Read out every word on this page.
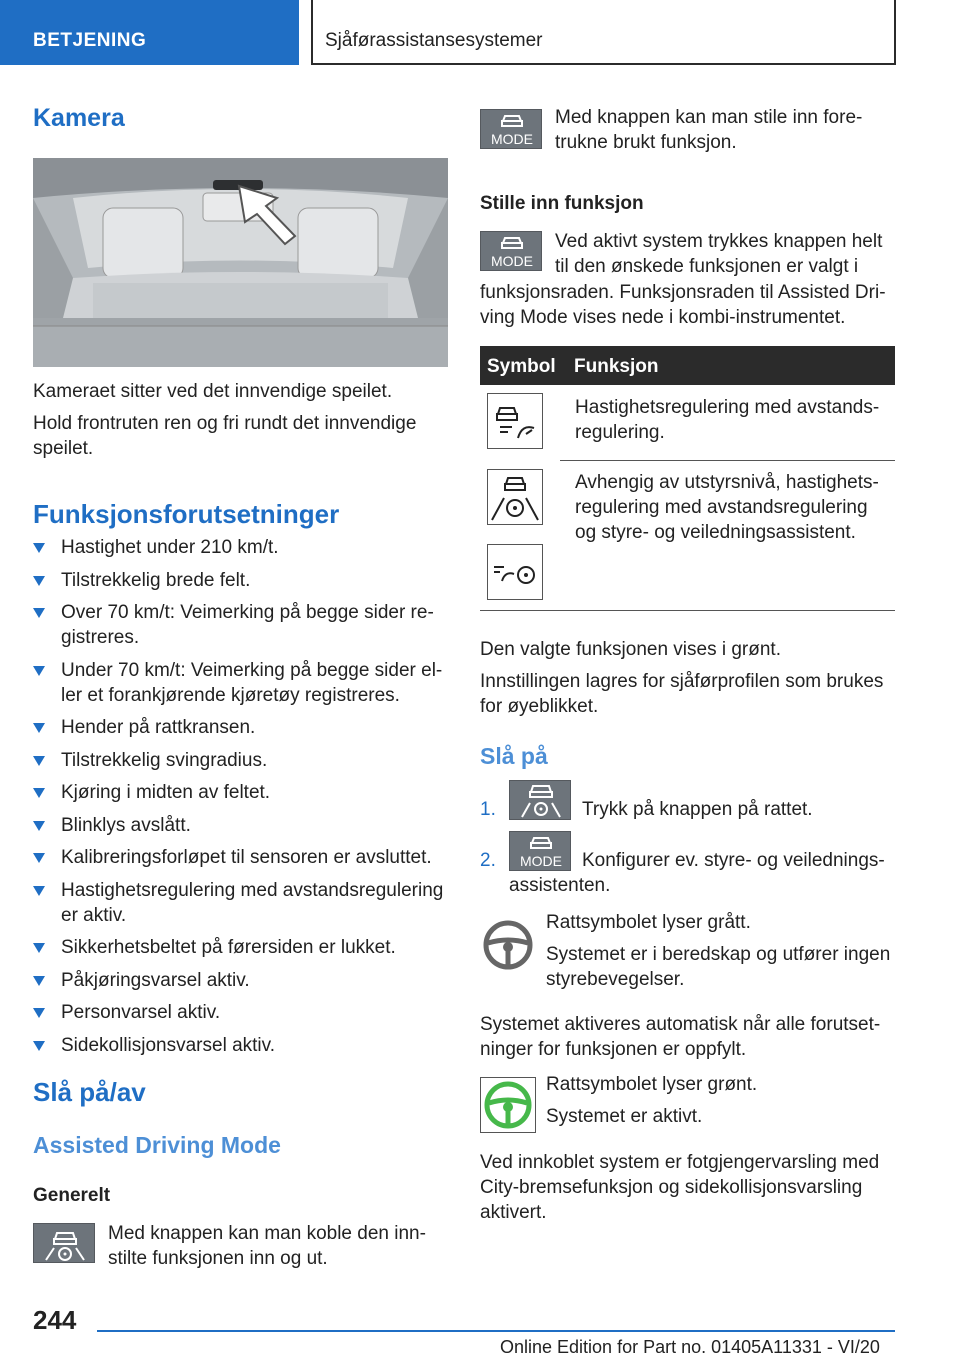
BETJENING	Sjåførassistansesystemer
Kamera
Kameraet sitter ved det innvendige speilet.
Hold frontruten ren og fri rundt det innvendige
speilet.
Funksjonsforutsetninger
Hastighet under 210 km/t.
Tilstrekkelig brede felt.
Over 70 km/t: Veimerking på begge sider re-gistreres.
Under 70 km/t: Veimerking på begge sider el-ler et forankjørende kjøretøy registreres.
Hender på rattkransen.
Tilstrekkelig svingradius.
Kjøring i midten av feltet.
Blinklys avslått.
Kalibreringsforløpet til sensoren er avsluttet.
Hastighetsregulering med avstandsregulering er aktiv.
Sikkerhetsbeltet på førersiden er lukket.
Påkjøringsvarsel aktiv.
Personvarsel aktiv.
Sidekollisjonsvarsel aktiv.
Slå på/av
Assisted Driving Mode
Generelt
Med knappen kan man koble den inn-
stilte funksjonen inn og ut.
MODE
Med knappen kan man stile inn fore-
trukne brukt funksjon.
Stille inn funksjon
MODE
Ved aktivt system trykkes knappen helt
til den ønskede funksjonen er valgt i
funksjonsraden. Funksjonsraden til Assisted Dri-
ving Mode vises nede i kombi-instrumentet.
Symbol Funksjon
Hastighetsregulering med avstands-
regulering.
Avhengig av utstyrsnivå, hastighets-
regulering med avstandsregulering
og styre- og veiledningsassistent.
Den valgte funksjonen vises i grønt.
Innstillingen lagres for sjåførprofilen som brukes
for øyeblikket.
Slå på
1.	Trykk på knappen på rattet.
2. MODE Konfigurer ev. styre- og veilednings-
assistenten.
Rattsymbolet lyser grått.
Systemet er i beredskap og utfører ingen
styrebevegelser.
Systemet aktiveres automatisk når alle forutset-
ninger for funksjonen er oppfylt.
Rattsymbolet lyser grønt.
Systemet er aktivt.
Ved innkoblet system er fotgjengervarsling med
City-bremsefunksjon og sidekollisjonsvarsling
aktivert.
244
Online Edition for Part no. 01405A11331 - VI/20
